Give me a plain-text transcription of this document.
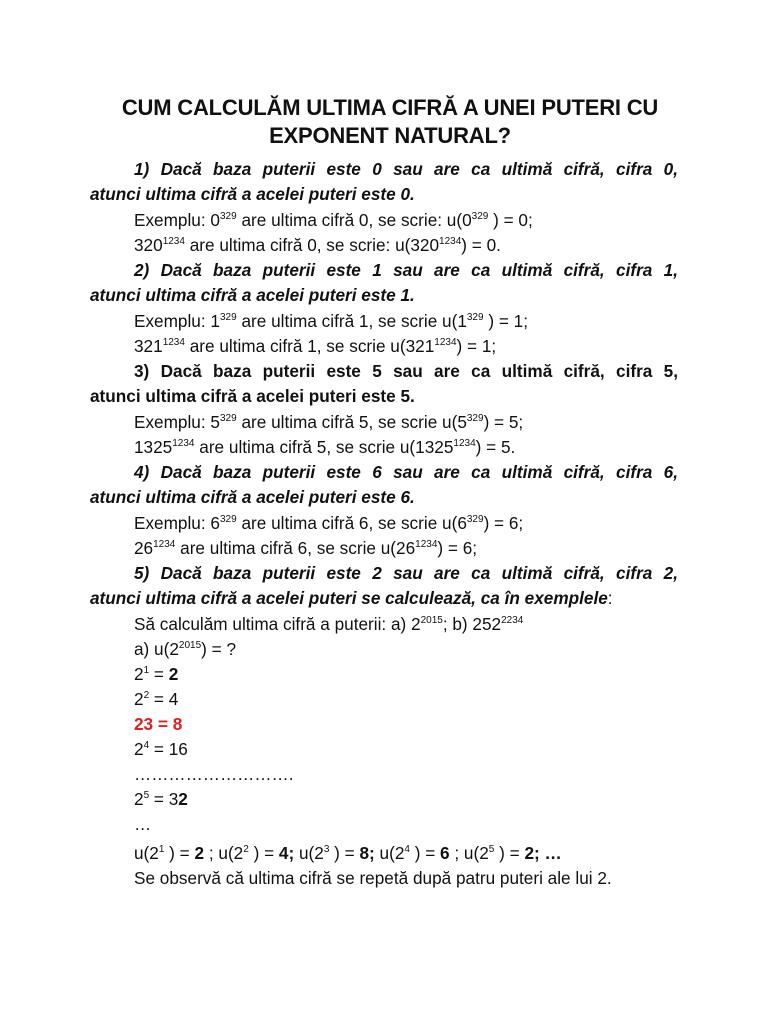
CUM CALCULĂM ULTIMA CIFRĂ A UNEI PUTERI CU
EXPONENT NATURAL?
1) Dacă baza puterii este 0 sau are ca ultimă cifră, cifra 0,
atunci ultima cifră a acelei puteri este 0.
Exemplu: $0^{329}$ are ultima cifră 0, se scrie: $u(0^{329}$ ) = 0;
$320^{1234}$ are ultima cifră 0, se scrie: $u(320^{1234}) = 0$.
2) Dacă baza puterii este 1 sau are ca ultimă cifră, cifra 1,
atunci ultima cifră a acelei puteri este 1.
Exemplu: $1^{329}$ are ultima cifră 1, se scrie $u(1^{329}$ ) = 1;
$321^{1234}$ are ultima cifră 1, se scrie $u(321^{1234}) = 1$;
3) Dacă baza puterii este 5 sau are ca ultimă cifră, cifra 5,
atunci ultima cifră a acelei puteri este 5.
Exemplu: $5^{329}$ are ultima cifră 5, se scrie $u(5^{329}) = 5$;
$1325^{1234}$ are ultima cifră 5, se scrie $u(1325^{1234}) = 5$.
4) Dacă baza puterii este 6 sau are ca ultimă cifră, cifra 6,
atunci ultima cifră a acelei puteri este 6.
Exemplu: $6^{329}$ are ultima cifră 6, se scrie $u(6^{329}) = 6$;
$26^{1234}$ are ultima cifră 6, se scrie $u(26^{1234}) = 6$;
5) Dacă baza puterii este 2 sau are ca ultimă cifră, cifra 2,
atunci ultima cifră a acelei puteri se calculează, ca în exemplele:
Să calculăm ultima cifră a puterii: a) $2^{2015}$; b) $252^{2234}$
a) $u(2^{2015})$ = ?
$2^1 = 2$
$2^2 = 4$
23 = 8
$2^4 = 16$
……………………….
$2^5 = 32$
…
$u(2^1$ ) = 2 ; $u(2^2$ ) = 4; $u(2^3$ ) = 8; $u(2^4$ ) = 6 ; $u(2^5$ ) = 2; …
Se observă că ultima cifră se repetă după patru puteri ale lui 2.
